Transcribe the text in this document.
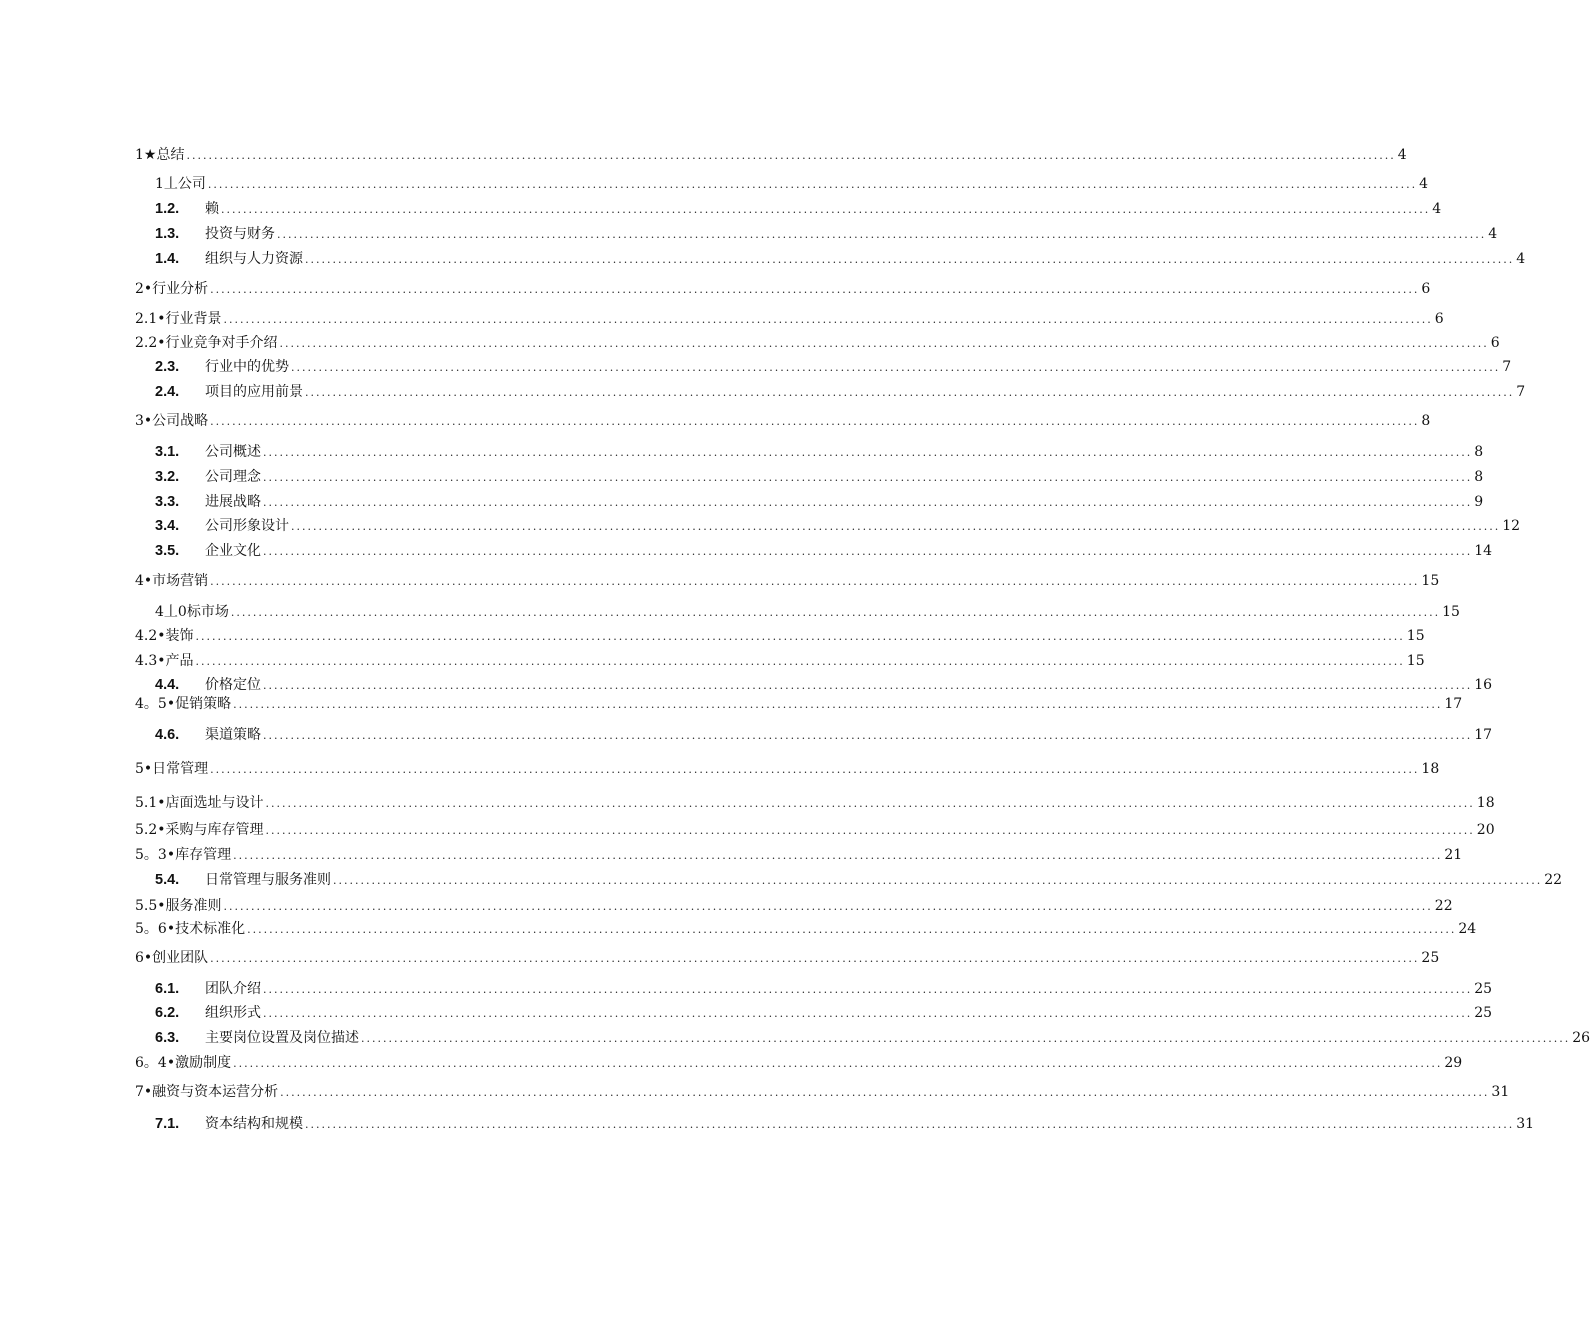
1★ 总结 ............................................................................................................................................................................................................................ 4
1丄 公司 ............................................................................................................................................................................................................................ 4
1.2.	赖 ............................................................................................................................................................................................................................ 4
1.3.	投资与财务 ............................................................................................................................................................................................................................ 4
1.4.	组织与人力资源 ............................................................................................................................................................................................................................ 4
2• 行业分析 ............................................................................................................................................................................................................................ 6
2.1• 行业背景 ............................................................................................................................................................................................................................ 6
2.2• 行业竞争对手介绍 ............................................................................................................................................................................................................................ 6
2.3.	行业中的优势 ............................................................................................................................................................................................................................ 7
2.4.	项目的应用前景 ............................................................................................................................................................................................................................ 7
3• 公司战略 ............................................................................................................................................................................................................................ 8
3.1.	公司概述 ............................................................................................................................................................................................................................ 8
3.2.	公司理念 ............................................................................................................................................................................................................................ 8
3.3.	进展战略 ............................................................................................................................................................................................................................ 9
3.4.	公司形象设计 ............................................................................................................................................................................................................................ 12
3.5.	企业文化 ............................................................................................................................................................................................................................ 14
4• 市场营销 ............................................................................................................................................................................................................................ 15
4丄 0标市场 ............................................................................................................................................................................................................................ 15
4.2• 装饰 ............................................................................................................................................................................................................................ 15
4.3• 产品 ............................................................................................................................................................................................................................ 15
4.4.	价格定位 ............................................................................................................................................................................................................................ 16
4。5• 促销策略 ............................................................................................................................................................................................................................ 17
4.6.	渠道策略 ............................................................................................................................................................................................................................ 17
5• 日常管理 ............................................................................................................................................................................................................................ 18
5.1• 店面选址与设计 ............................................................................................................................................................................................................................ 18
5.2• 采购与库存管理 ............................................................................................................................................................................................................................ 20
5。3• 库存管理 ............................................................................................................................................................................................................................ 21
5.4.	日常管理与服务准则 ............................................................................................................................................................................................................................ 22
5.5• 服务准则 ............................................................................................................................................................................................................................ 22
5。6• 技术标准化 ............................................................................................................................................................................................................................ 24
6• 创业团队 ............................................................................................................................................................................................................................ 25
6.1.	团队介绍 ............................................................................................................................................................................................................................ 25
6.2.	组织形式 ............................................................................................................................................................................................................................ 25
6.3.	主要岗位设置及岗位描述 ............................................................................................................................................................................................................................ 26
6。4• 激励制度 ............................................................................................................................................................................................................................ 29
7• 融资与资本运营分析 ............................................................................................................................................................................................................................ 31
7.1.	资本结构和规模 ............................................................................................................................................................................................................................ 31
